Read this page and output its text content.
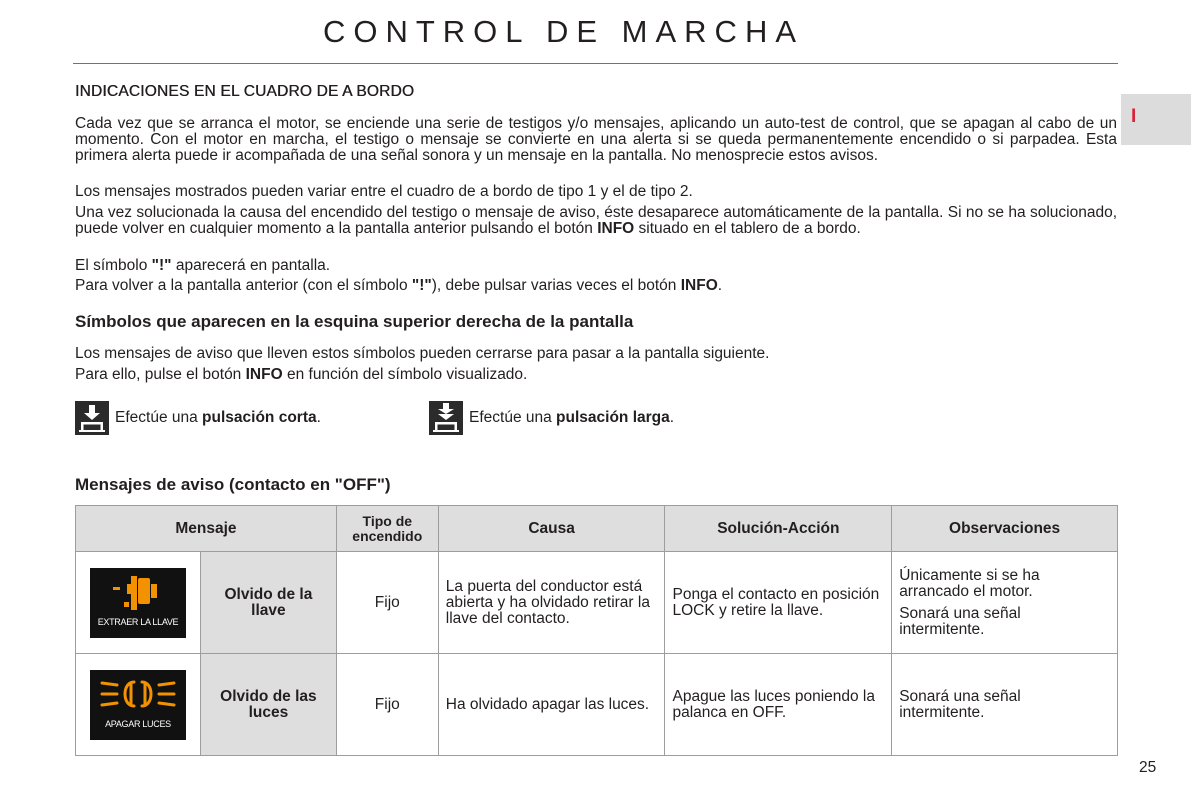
CONTROL DE MARCHA
I
INDICACIONES EN EL CUADRO DE A BORDO

Cada vez que se arranca el motor, se enciende una serie de testigos y/o mensajes, aplicando un auto-test de control, que se apagan al cabo de un momento. Con el motor en marcha, el testigo o mensaje se convierte en una alerta si se queda permanentemente encendido o si parpadea. Esta primera alerta puede ir acompañada de una señal sonora y un mensaje en la pantalla. No menosprecie estos avisos.

Los mensajes mostrados pueden variar entre el cuadro de a bordo de tipo 1 y el de tipo 2.

Una vez solucionada la causa del encendido del testigo o mensaje de aviso, éste desaparece automáticamente de la pantalla. Si no se ha solucionado, puede volver en cualquier momento a la pantalla anterior pulsando el botón INFO situado en el tablero de a bordo.

El símbolo "!" aparecerá en pantalla.

Para volver a la pantalla anterior (con el símbolo "!"), debe pulsar varias veces el botón INFO.

Símbolos que aparecen en la esquina superior derecha de la pantalla

Los mensajes de aviso que lleven estos símbolos pueden cerrarse para pasar a la pantalla siguiente.

Para ello, pulse el botón INFO en función del símbolo visualizado.

Efectúe una
pulsación corta .	Efectúe una
pulsación larga .
Mensajes de aviso (contacto en "OFF")
Mensaje		Tipo de
encendido	Causa	Solución-Acción	Observaciones

EXTRAER LA LLAVE	Olvido de la
llave	Fijo	La puerta del conductor está abierta y ha olvidado retirar la llave del contacto.	Ponga el contacto en posición LOCK y retire la llave.	Únicamente si se ha arrancado el motor.
Sonará una señal intermitente.

APAGAR LUCES	Olvido de las
luces	Fijo	Ha olvidado apagar las luces.	Apague las luces poniendo la palanca en OFF.	Sonará una señal intermitente.
25
